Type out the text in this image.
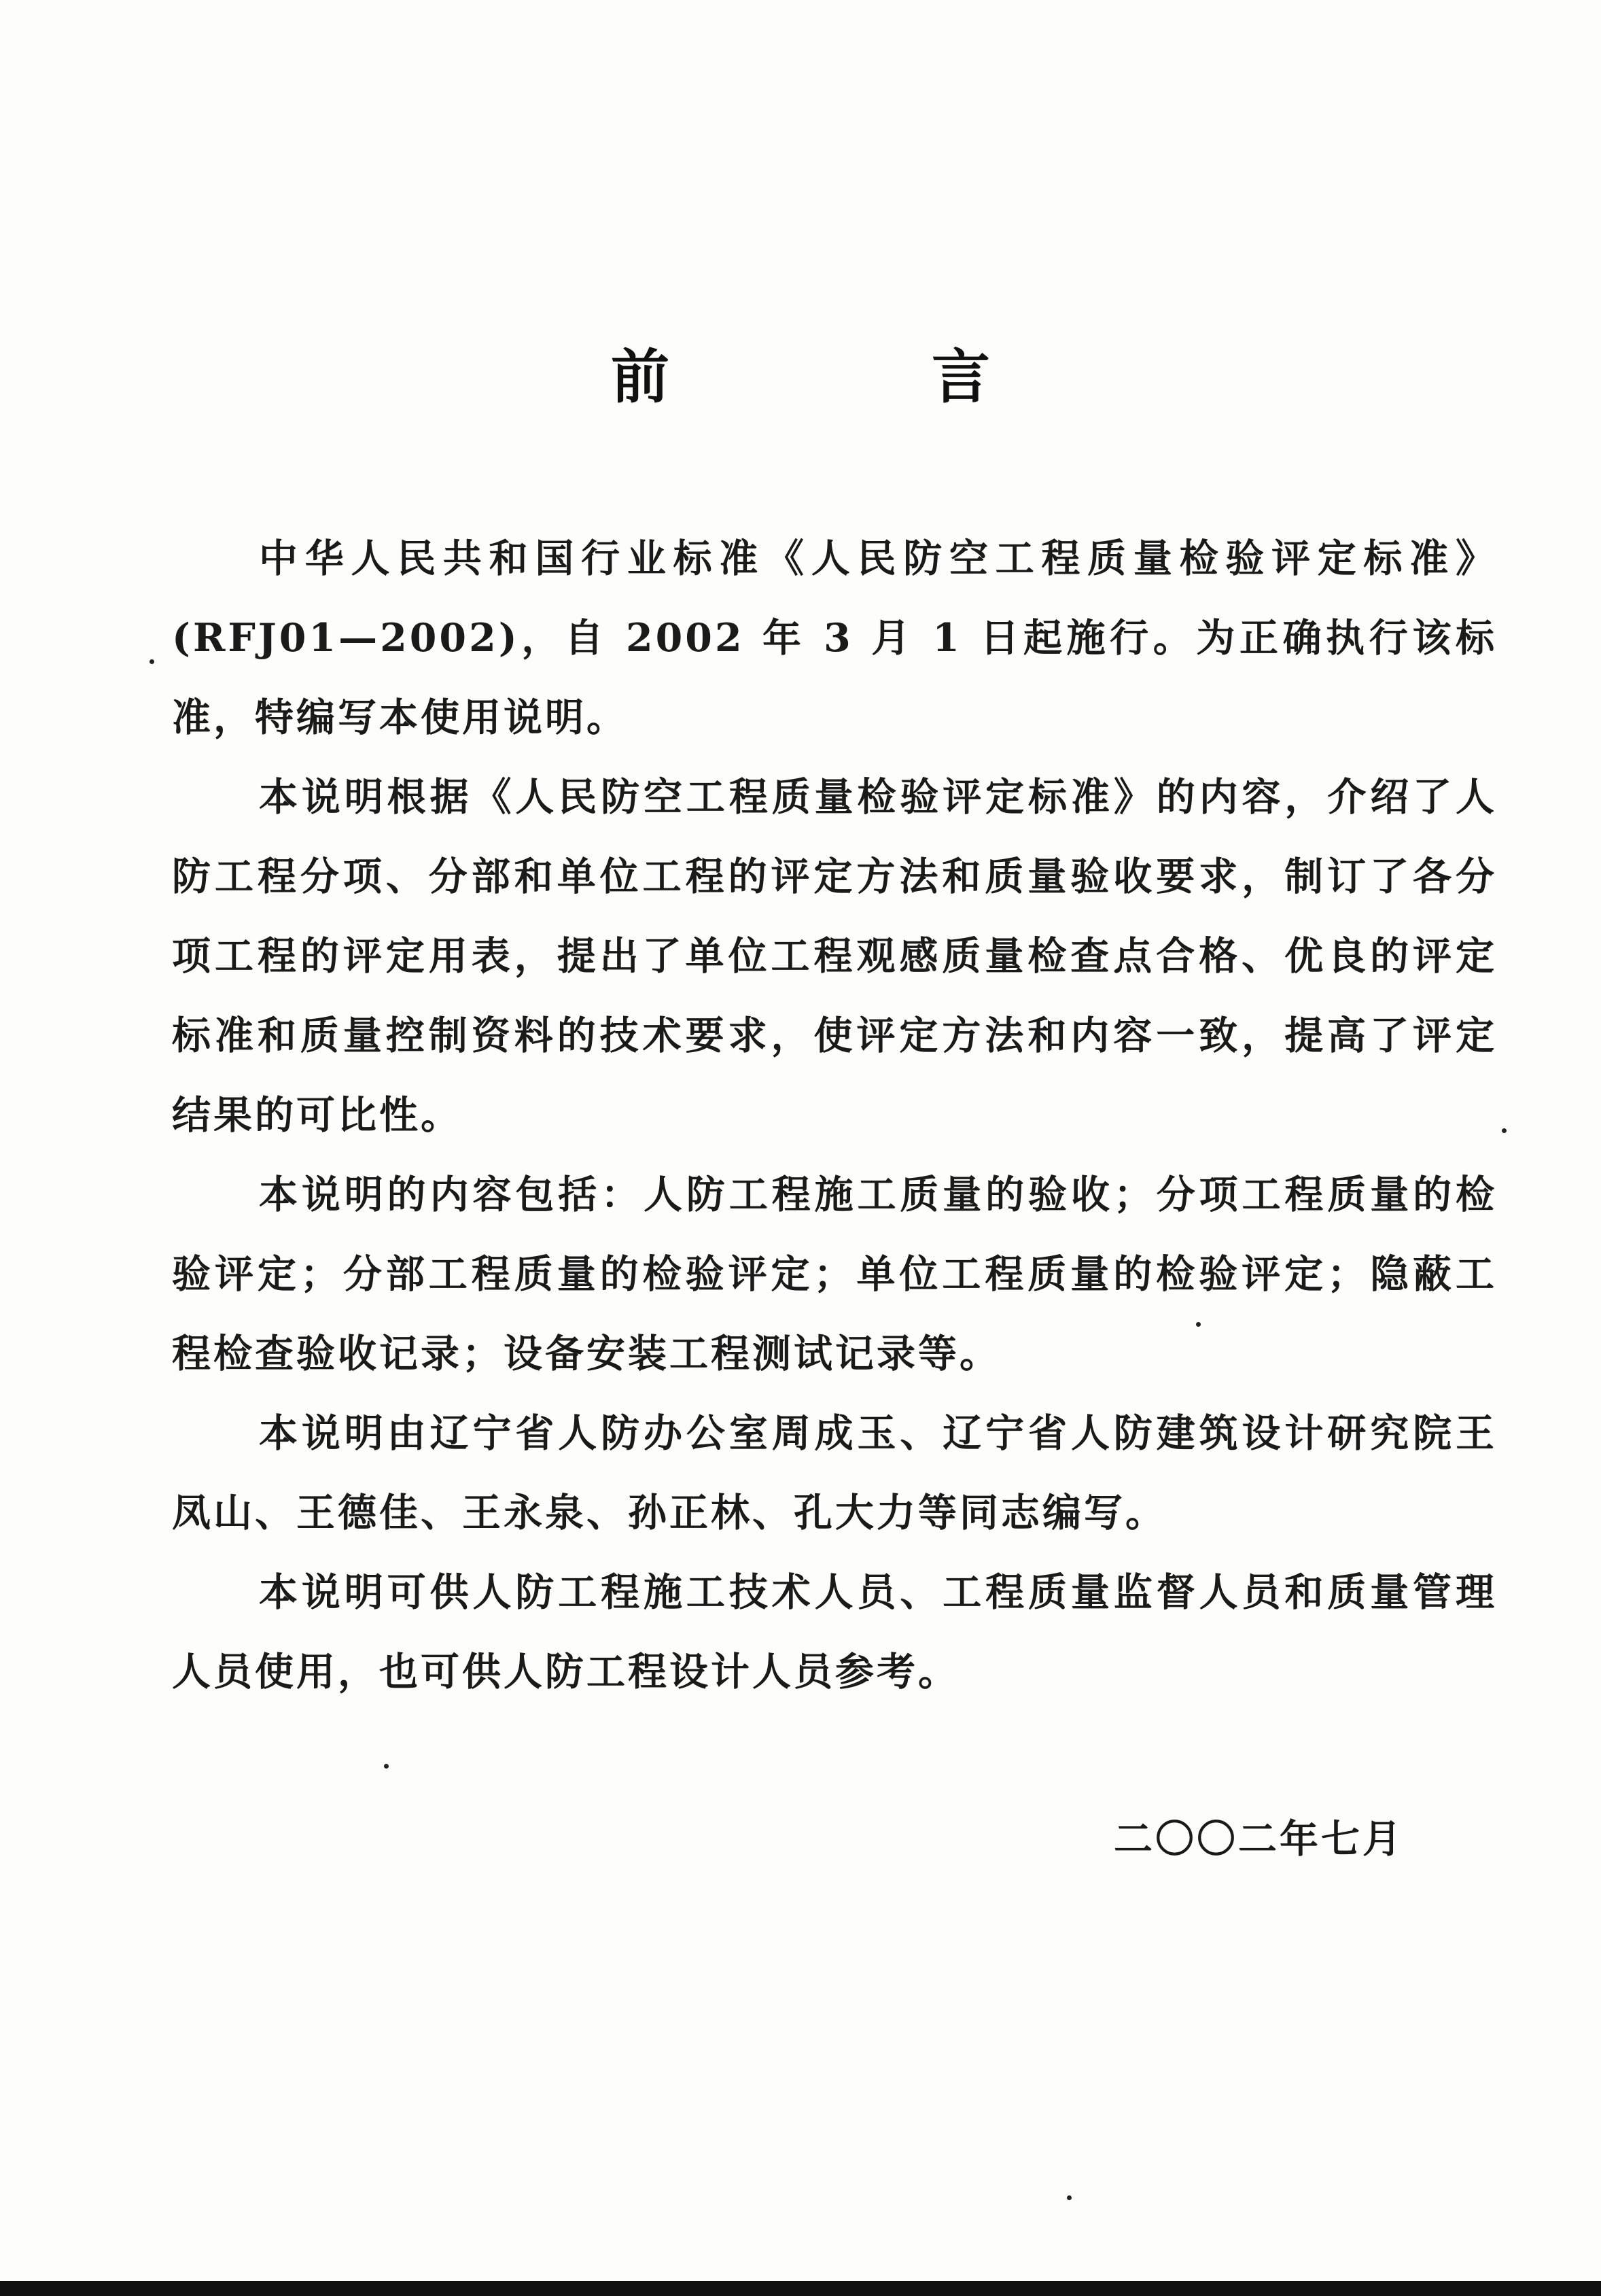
前　言

中华人民共和国行业标准《人民防空工程质量检验评定标准》(RFJ01—2002)，自 2002 年 3 月 1 日起施行。为正确执行该标准，特编写本使用说明。

本说明根据《人民防空工程质量检验评定标准》的内容，介绍了人防工程分项、分部和单位工程的评定方法和质量验收要求，制订了各分项工程的评定用表，提出了单位工程观感质量检查点合格、优良的评定标准和质量控制资料的技术要求，使评定方法和内容一致，提高了评定结果的可比性。

本说明的内容包括：人防工程施工质量的验收；分项工程质量的检验评定；分部工程质量的检验评定；单位工程质量的检验评定；隐蔽工程检查验收记录；设备安装工程测试记录等。

本说明由辽宁省人防办公室周成玉、辽宁省人防建筑设计研究院王凤山、王德佳、王永泉、孙正林、孔大力等同志编写。

本说明可供人防工程施工技术人员、工程质量监督人员和质量管理人员使用，也可供人防工程设计人员参考。

二〇〇二年七月
